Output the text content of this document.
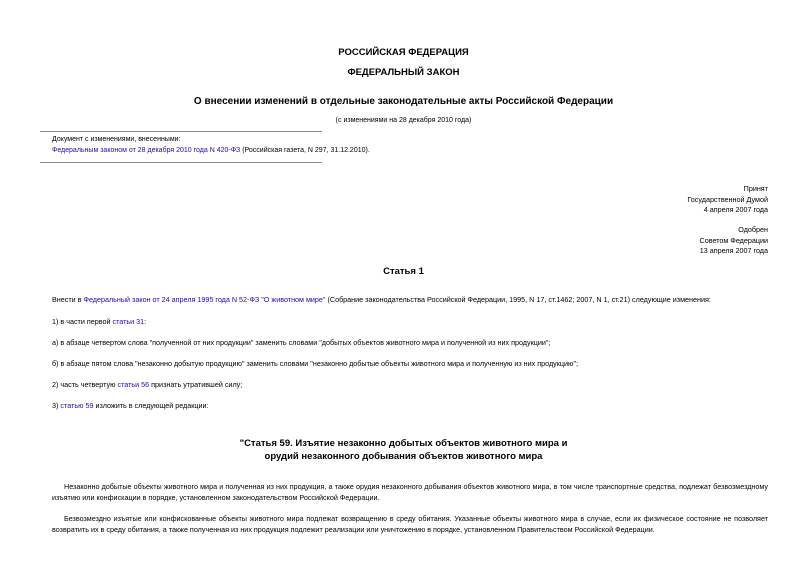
РОССИЙСКАЯ ФЕДЕРАЦИЯ
ФЕДЕРАЛЬНЫЙ ЗАКОН
О внесении изменений в отдельные законодательные акты Российской Федерации
(с изменениями на 28 декабря 2010 года)
Документ с изменениями, внесенными:
Федеральным законом от 28 декабря 2010 года N 420-ФЗ (Российская газета, N 297, 31.12.2010).
Принят
Государственной Думой
4 апреля 2007 года
Одобрен
Советом Федерации
13 апреля 2007 года
Статья 1
Внести в Федеральный закон от 24 апреля 1995 года N 52-ФЗ "О животном мире" (Собрание законодательства Российской Федерации, 1995, N 17, ст.1462; 2007, N 1, ст.21) следующие изменения:
1) в части первой статьи 31:
а) в абзаце четвертом слова "полученной от них продукции" заменить словами "добытых объектов животного мира и полученной из них продукции";
б) в абзаце пятом слова "незаконно добытую продукцию" заменить словами "незаконно добытые объекты животного мира и полученную из них продукцию";
2) часть четвертую статьи 56 признать утратившей силу;
3) статью 59 изложить в следующей редакции:
"Статья 59. Изъятие незаконно добытых объектов животного мира и
орудий незаконного добывания объектов животного мира
Незаконно добытые объекты животного мира и полученная из них продукция, а также орудия незаконного добывания объектов животного мира, в том числе транспортные средства, подлежат безвозмездному изъятию или конфискации в порядке, установленном законодательством Российской Федерации.
Безвозмездно изъятые или конфискованные объекты животного мира подлежат возвращению в среду обитания. Указанные объекты животного мира в случае, если их физическое состояние не позволяет возвратить их в среду обитания, а также полученная из них продукция подлежит реализации или уничтожению в порядке, установленном Правительством Российской Федерации.
